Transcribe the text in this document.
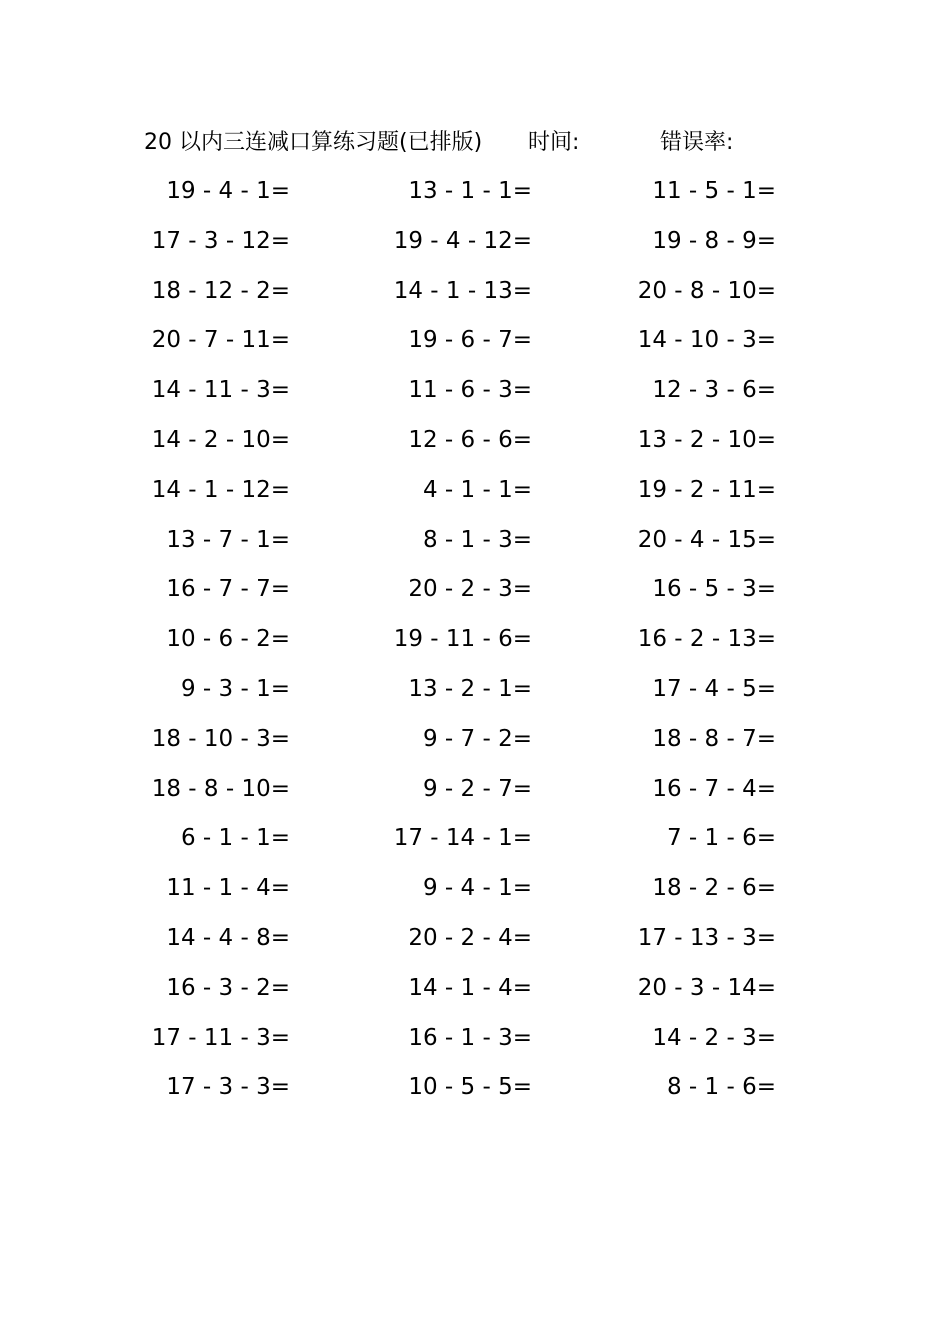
20 以内三连减口算练习题(已排版) 时间:	错误率:
19 - 4 - 1=	13 - 1 - 1=	11 - 5 - 1=
17 - 3 - 12=	19 - 4 - 12=	19 - 8 - 9=
18 - 12 - 2=	14 - 1 - 13=	20 - 8 - 10=
20 - 7 - 11=	19 - 6 - 7=	14 - 10 - 3=
14 - 11 - 3=	11 - 6 - 3=	12 - 3 - 6=
14 - 2 - 10=	12 - 6 - 6=	13 - 2 - 10=
14 - 1 - 12=	4 - 1 - 1=	19 - 2 - 11=
13 - 7 - 1=	8 - 1 - 3=	20 - 4 - 15=
16 - 7 - 7=	20 - 2 - 3=	16 - 5 - 3=
10 - 6 - 2=	19 - 11 - 6=	16 - 2 - 13=
9 - 3 - 1=	13 - 2 - 1=	17 - 4 - 5=
18 - 10 - 3=	9 - 7 - 2=	18 - 8 - 7=
18 - 8 - 10=	9 - 2 - 7=	16 - 7 - 4=
6 - 1 - 1=	17 - 14 - 1=	7 - 1 - 6=
11 - 1 - 4=	9 - 4 - 1=	18 - 2 - 6=
14 - 4 - 8=	20 - 2 - 4=	17 - 13 - 3=
16 - 3 - 2=	14 - 1 - 4=	20 - 3 - 14=
17 - 11 - 3=	16 - 1 - 3=	14 - 2 - 3=
17 - 3 - 3=	10 - 5 - 5=	8 - 1 - 6=
